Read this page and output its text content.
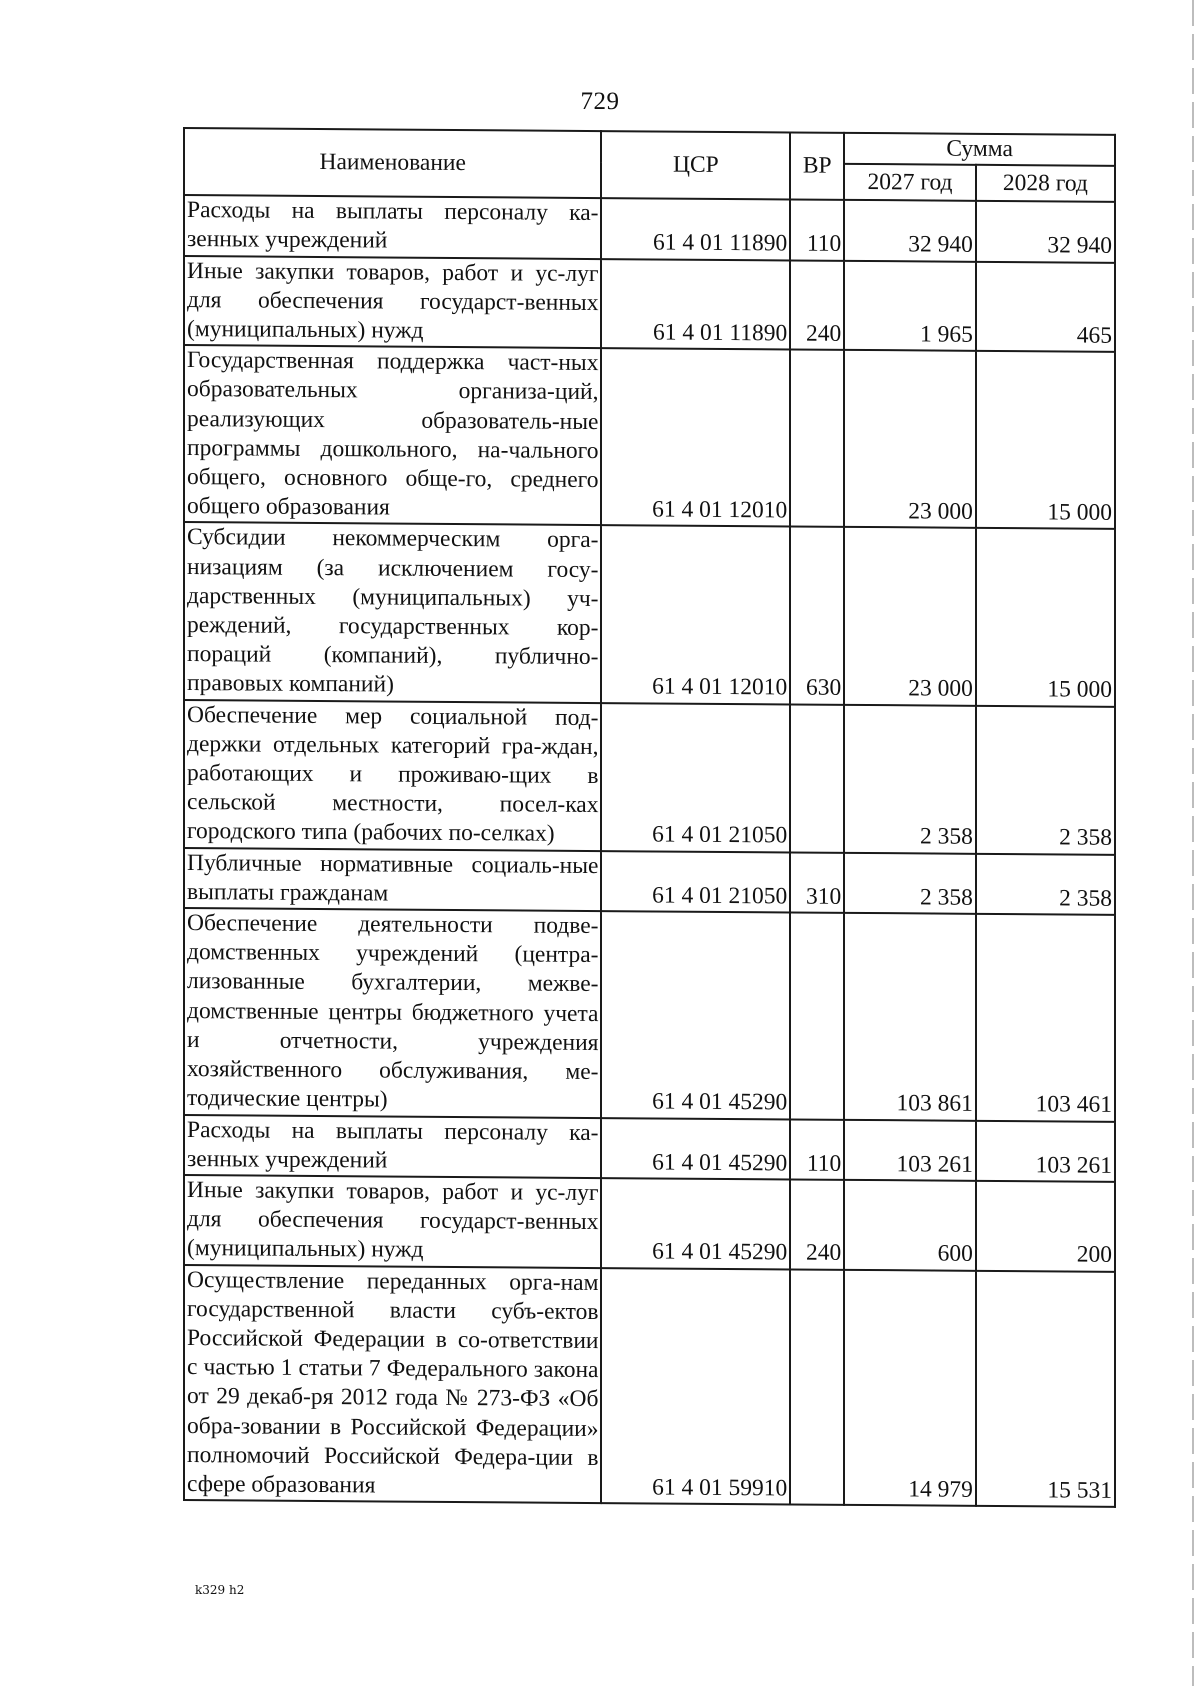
729
Наименование	ЦСР	ВР	Сумма	
			2027 год	2028 год
Расходы на выплаты персоналу ка-зенных учреждений	61 4 01 11890	110	32 940	32 940
Иные закупки товаров, работ и ус-луг для обеспечения государст-венных (муниципальных) нужд	61 4 01 11890	240	1 965	465
Государственная поддержка част-ных образовательных организа-ций, реализующих образователь-ные программы дошкольного, на-чального общего, основного обще-го, среднего общего образования	61 4 01 12010		23 000	15 000
Субсидии некоммерческим орга-низациям (за исключением госу-дарственных (муниципальных) уч-реждений, государственных кор-пораций (компаний), публично-правовых компаний)	61 4 01 12010	630	23 000	15 000
Обеспечение мер социальной под-держки отдельных категорий гра-ждан, работающих и проживаю-щих в сельской местности, посел-ках городского типа (рабочих по-селках)	61 4 01 21050		2 358	2 358
Публичные нормативные социаль-ные выплаты гражданам	61 4 01 21050	310	2 358	2 358
Обеспечение деятельности подве-домственных учреждений (центра-лизованные бухгалтерии, межве-домственные центры бюджетного учета и отчетности, учреждения хозяйственного обслуживания, ме-тодические центры)	61 4 01 45290		103 861	103 461
Расходы на выплаты персоналу ка-зенных учреждений	61 4 01 45290	110	103 261	103 261
Иные закупки товаров, работ и ус-луг для обеспечения государст-венных (муниципальных) нужд	61 4 01 45290	240	600	200
Осуществление переданных орга-нам государственной власти субъ-ектов Российской Федерации в со-ответствии с частью 1 статьи 7 Федерального закона от 29 декаб-ря 2012 года № 273-ФЗ «Об обра-зовании в Российской Федерации» полномочий Российской Федера-ции в сфере образования	61 4 01 59910		14 979	15 531
k329 h2
